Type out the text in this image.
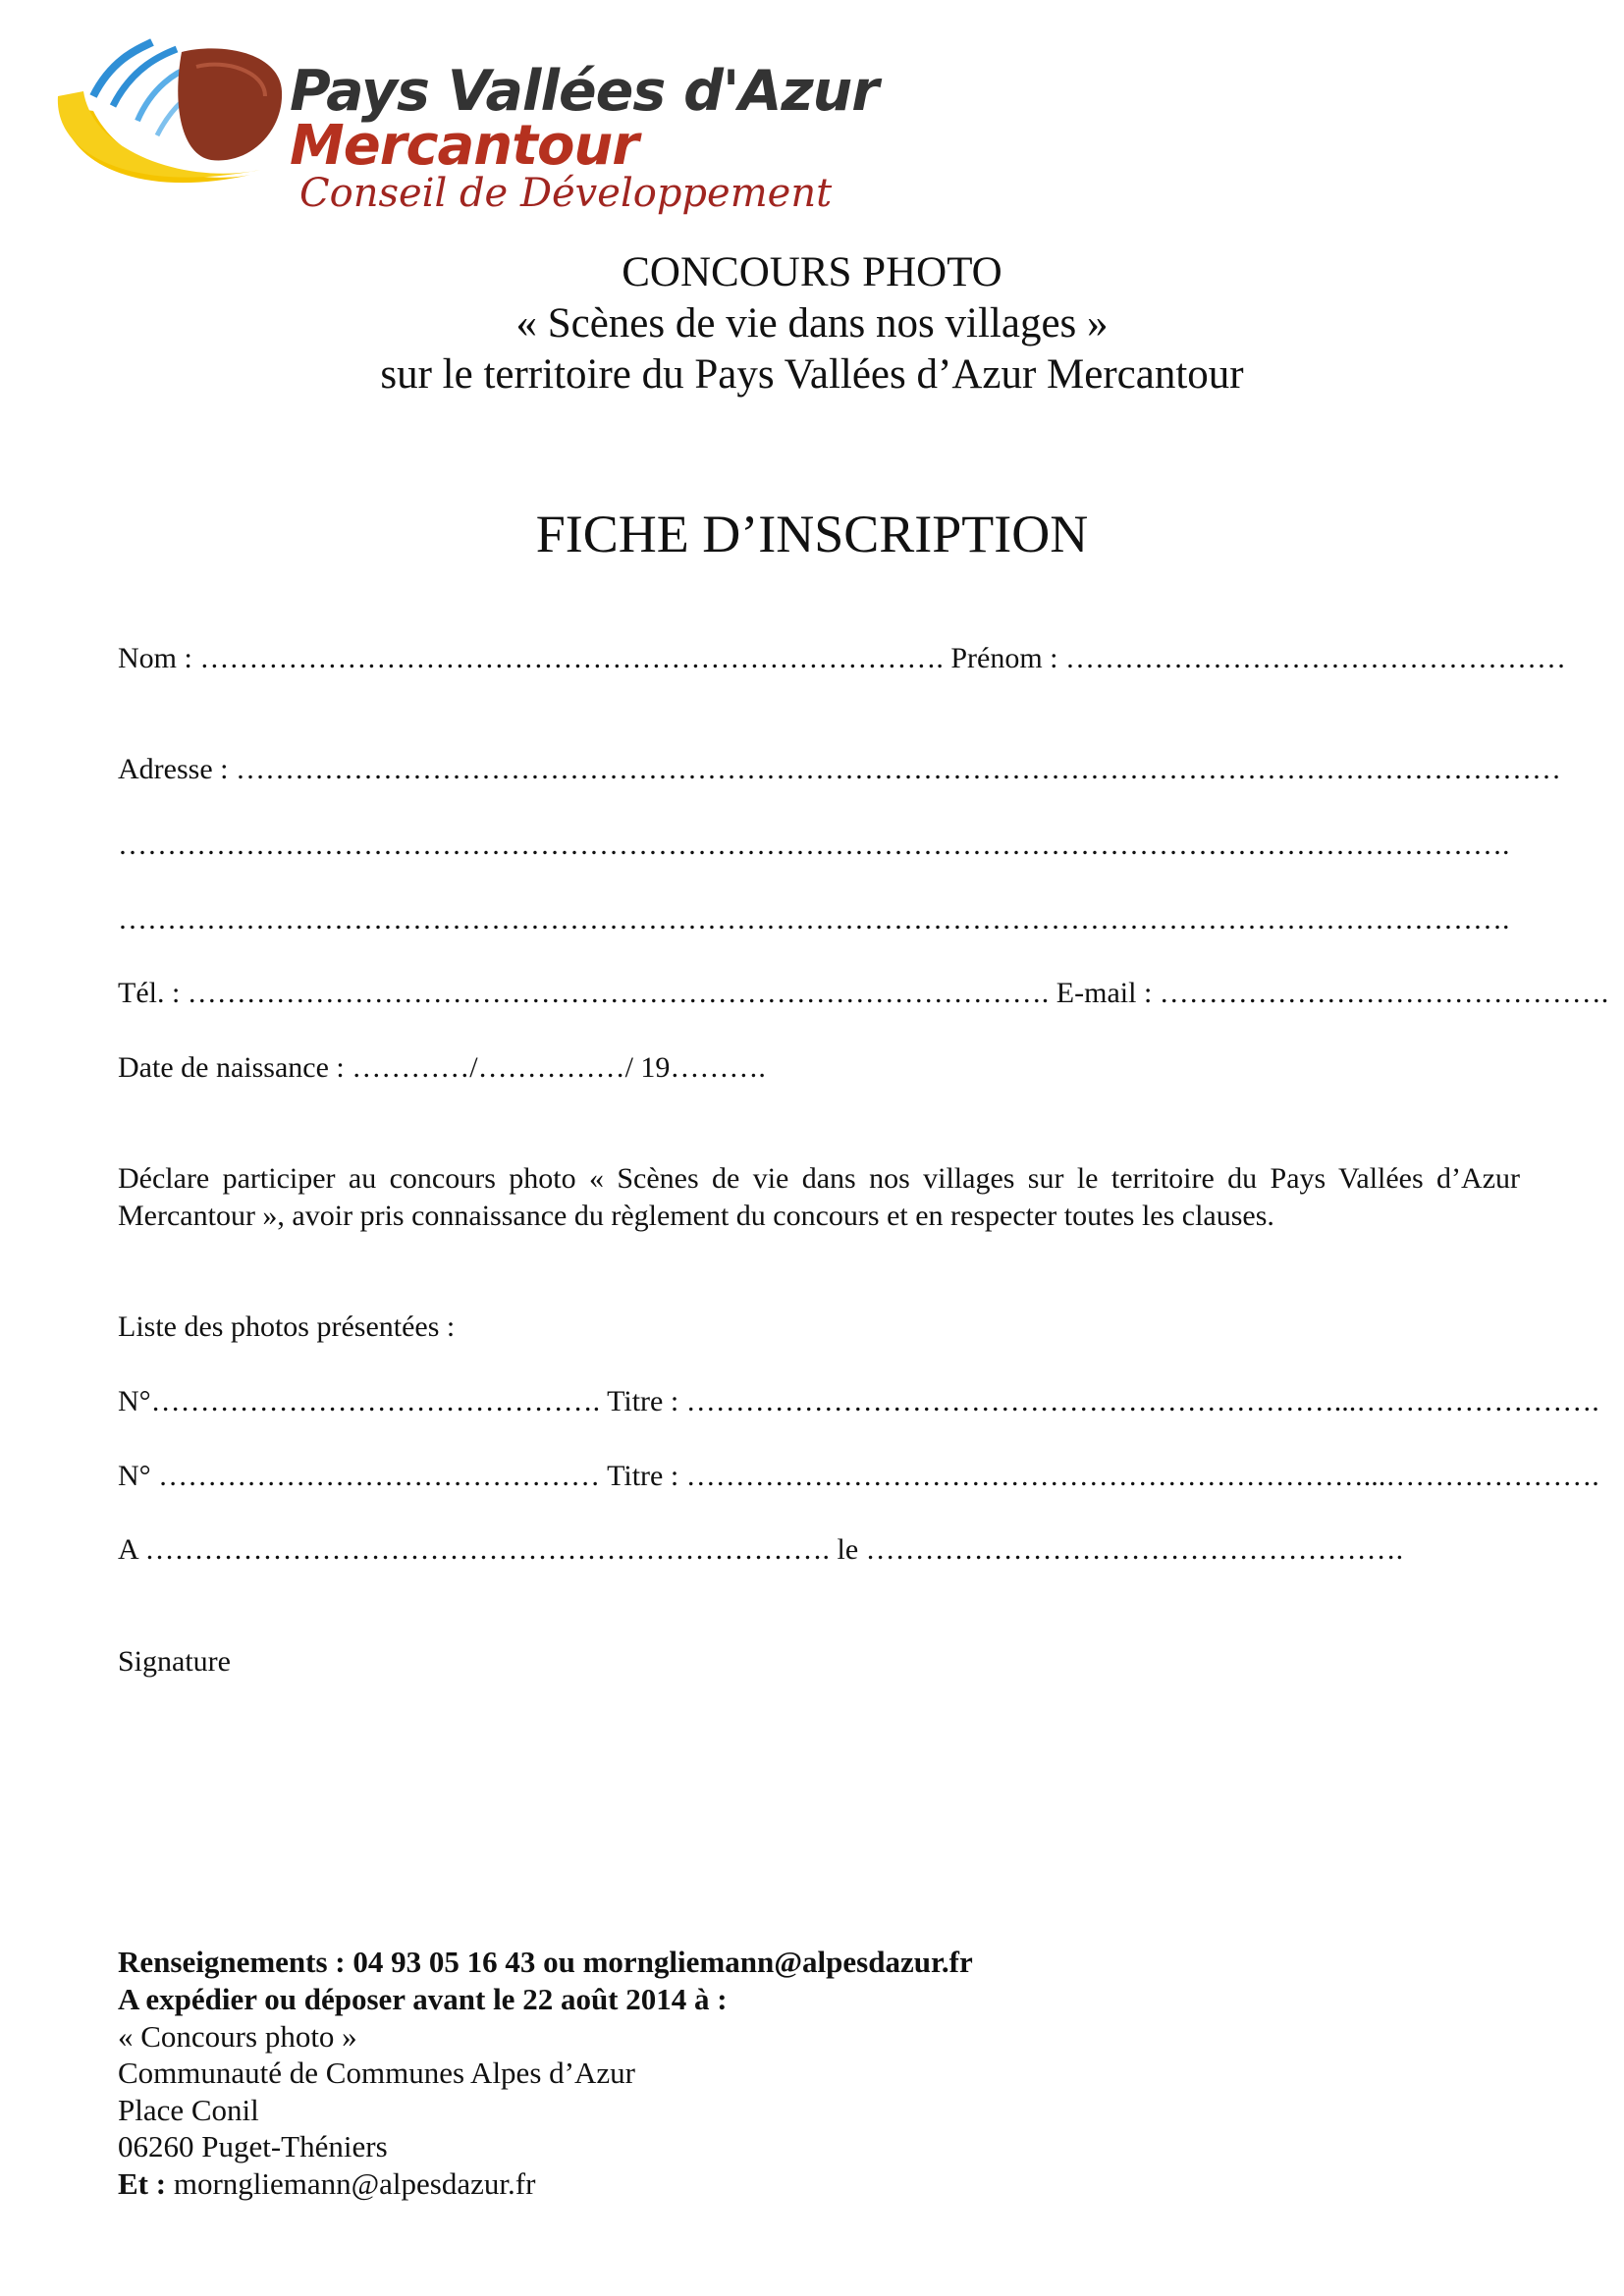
Pays Vallées d'Azur
Mercantour
Conseil de Développement
CONCOURS PHOTO
« Scènes de vie dans nos villages »
sur le territoire du Pays Vallées d’Azur Mercantour
FICHE D’INSCRIPTION
Nom : …………………………………………………………………. Prénom : ……………………………………………
Adresse : ………………………………………………………………………………………………………………………
…………………………………………………………………………………………………………………………….
…………………………………………………………………………………………………………………………….
Tél. : ……………………………………………………………………………. E-mail : ……………………………………….
Date de naissance : …………/……………/ 19……….
Déclare participer au concours photo « Scènes de vie dans nos villages sur le territoire du Pays Vallées d’Azur Mercantour », avoir pris connaissance du règlement du concours et en respecter toutes les clauses.
Liste des photos présentées :
N°………………………………………. Titre : …………………………………………………………...…………………….
N° ……………………………………… Titre : ……………………………………………………………...………………….
A ……………………………………………………………. le ……………………………………………….
Signature
Renseignements : 04 93 05 16 43 ou morngliemann@alpesdazur.fr
A expédier ou déposer avant le 22 août 2014 à :
« Concours photo »
Communauté de Communes Alpes d’Azur
Place Conil
06260 Puget-Théniers
Et : morngliemann@alpesdazur.fr
